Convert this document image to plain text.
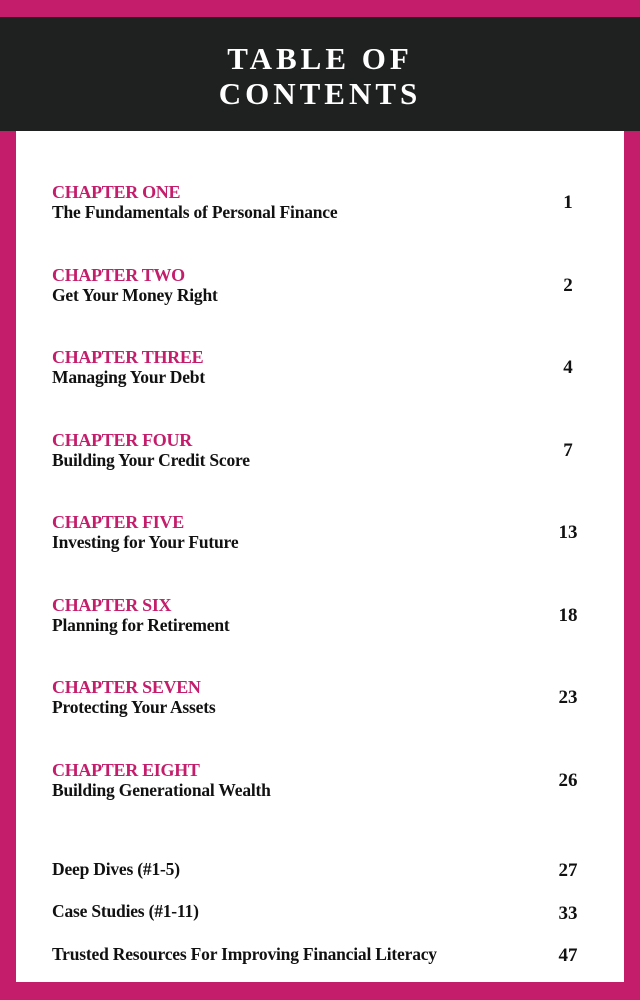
TABLE OF
CONTENTS
CHAPTER ONE
The Fundamentals of Personal Finance	1
CHAPTER TWO
Get Your Money Right	2
CHAPTER THREE
Managing Your Debt	4
CHAPTER FOUR
Building Your Credit Score	7
CHAPTER FIVE
Investing for Your Future	13
CHAPTER SIX
Planning for Retirement	18
CHAPTER SEVEN
Protecting Your Assets	23
CHAPTER EIGHT
Building Generational Wealth	26
Deep Dives (#1-5)	27
Case Studies (#1-11)	33
Trusted Resources For Improving Financial Literacy	47
